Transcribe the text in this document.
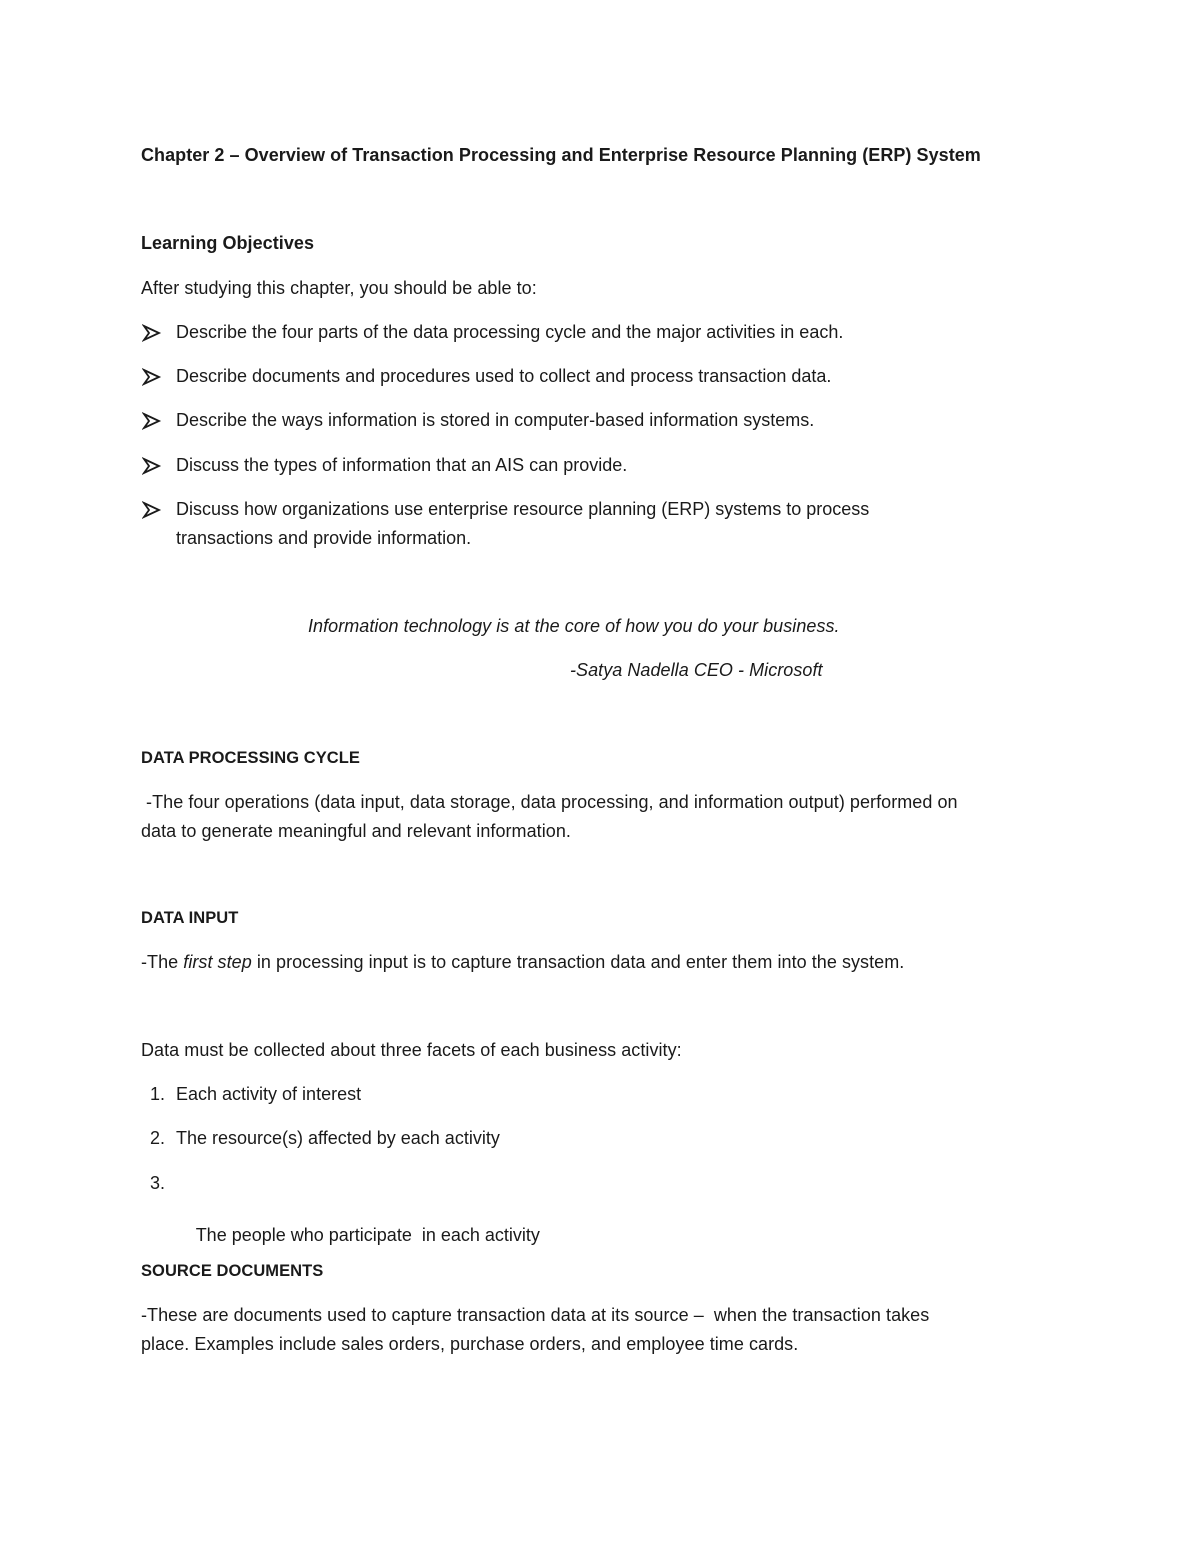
Chapter 2 – Overview of Transaction Processing and Enterprise Resource Planning (ERP) System
Learning Objectives
After studying this chapter, you should be able to:
Describe the four parts of the data processing cycle and the major activities in each.
Describe documents and procedures used to collect and process transaction data.
Describe the ways information is stored in computer-based information systems.
Discuss the types of information that an AIS can provide.
Discuss how organizations use enterprise resource planning (ERP) systems to process transactions and provide information.
Information technology is at the core of how you do your business.
-Satya Nadella CEO - Microsoft
DATA PROCESSING CYCLE
-The four operations (data input, data storage, data processing, and information output) performed on
data to generate meaningful and relevant information.
DATA INPUT
-The first step in processing input is to capture transaction data and enter them into the system.
Data must be collected about three facets of each business activity:
1. Each activity of interest
2. The resource(s) affected by each activity

3.

The people who participate  in each activity

SOURCE DOCUMENTS
-These are documents used to capture transaction data at its source –  when the transaction takes
place. Examples include sales orders, purchase orders, and employee time cards.
